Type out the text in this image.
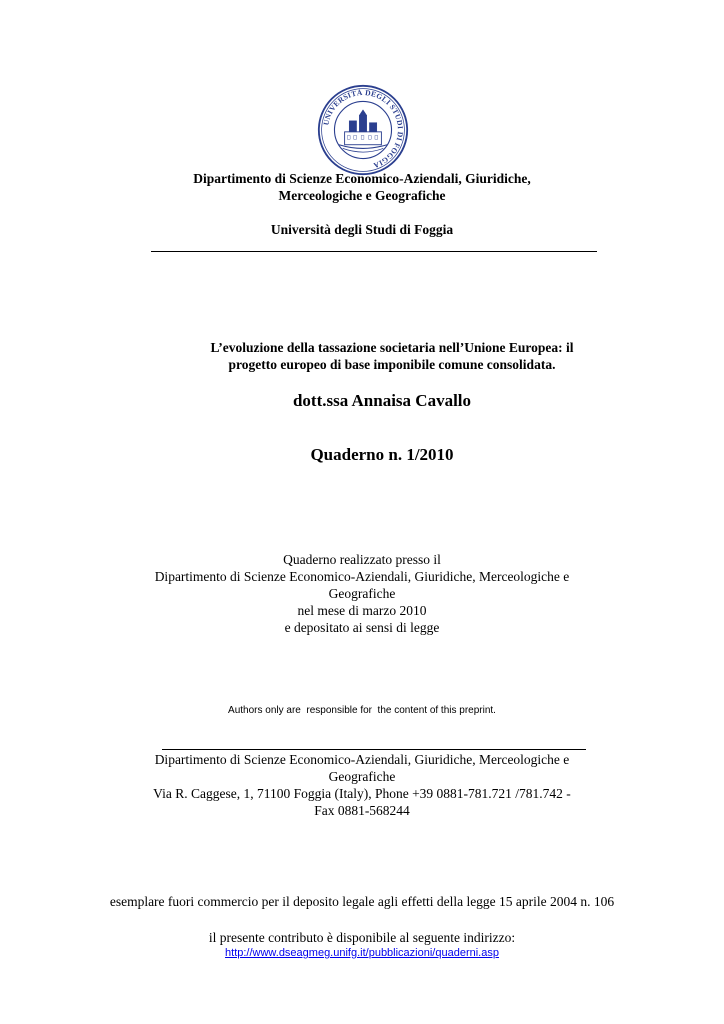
UNIVERSITÀ DEGLI STUDI DI FOGGIA
Dipartimento di Scienze Economico-Aziendali, Giuridiche,
Merceologiche e Geografiche
Università degli Studi di Foggia
L’evoluzione della tassazione societaria nell’Unione Europea: il
progetto europeo di base imponibile comune consolidata.
dott.ssa Annaisa Cavallo
Quaderno n. 1/2010
Quaderno realizzato presso il
Dipartimento di Scienze Economico-Aziendali, Giuridiche, Merceologiche e
Geografiche
nel mese di marzo 2010
e depositato ai sensi di legge
Authors only are  responsible for  the content of this preprint.
Dipartimento di Scienze Economico-Aziendali, Giuridiche, Merceologiche e
Geografiche
Via R. Caggese, 1, 71100 Foggia (Italy), Phone +39 0881-781.721 /781.742 -
Fax 0881-568244
esemplare fuori commercio per il deposito legale agli effetti della legge 15 aprile 2004 n. 106
il presente contributo è disponibile al seguente indirizzo:
http://www.dseagmeg.unifg.it/pubblicazioni/quaderni.asp
